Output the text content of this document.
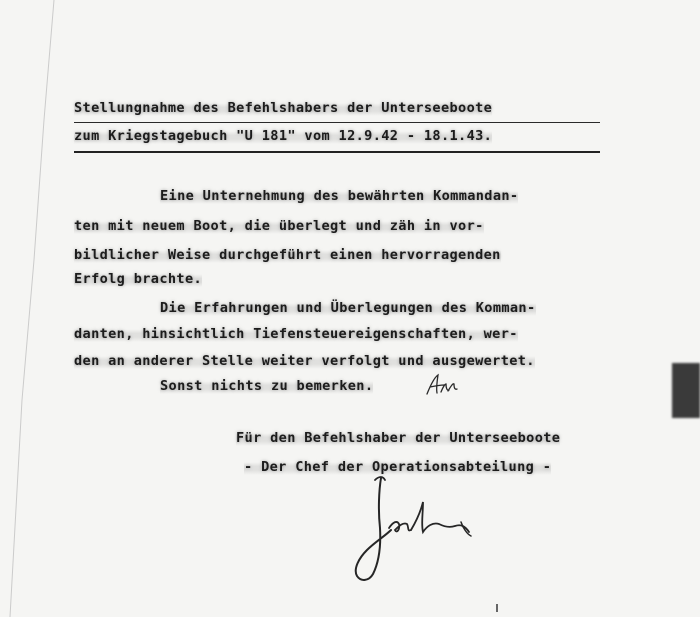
Stellungnahme des Befehlshabers der Unterseeboote
zum Kriegstagebuch "U 181" vom 12.9.42 - 18.1.43.
Eine Unternehmung des bewährten Kommandan-
ten mit neuem Boot, die überlegt und zäh in vor-
bildlicher Weise durchgeführt einen hervorragenden
Erfolg brachte.
Die Erfahrungen und Überlegungen des Komman-
danten, hinsichtlich Tiefensteuereigenschaften, wer-
den an anderer Stelle weiter verfolgt und ausgewertet.
Sonst nichts zu bemerken.
Für den Befehlshaber der Unterseeboote
- Der Chef der Operationsabteilung -
